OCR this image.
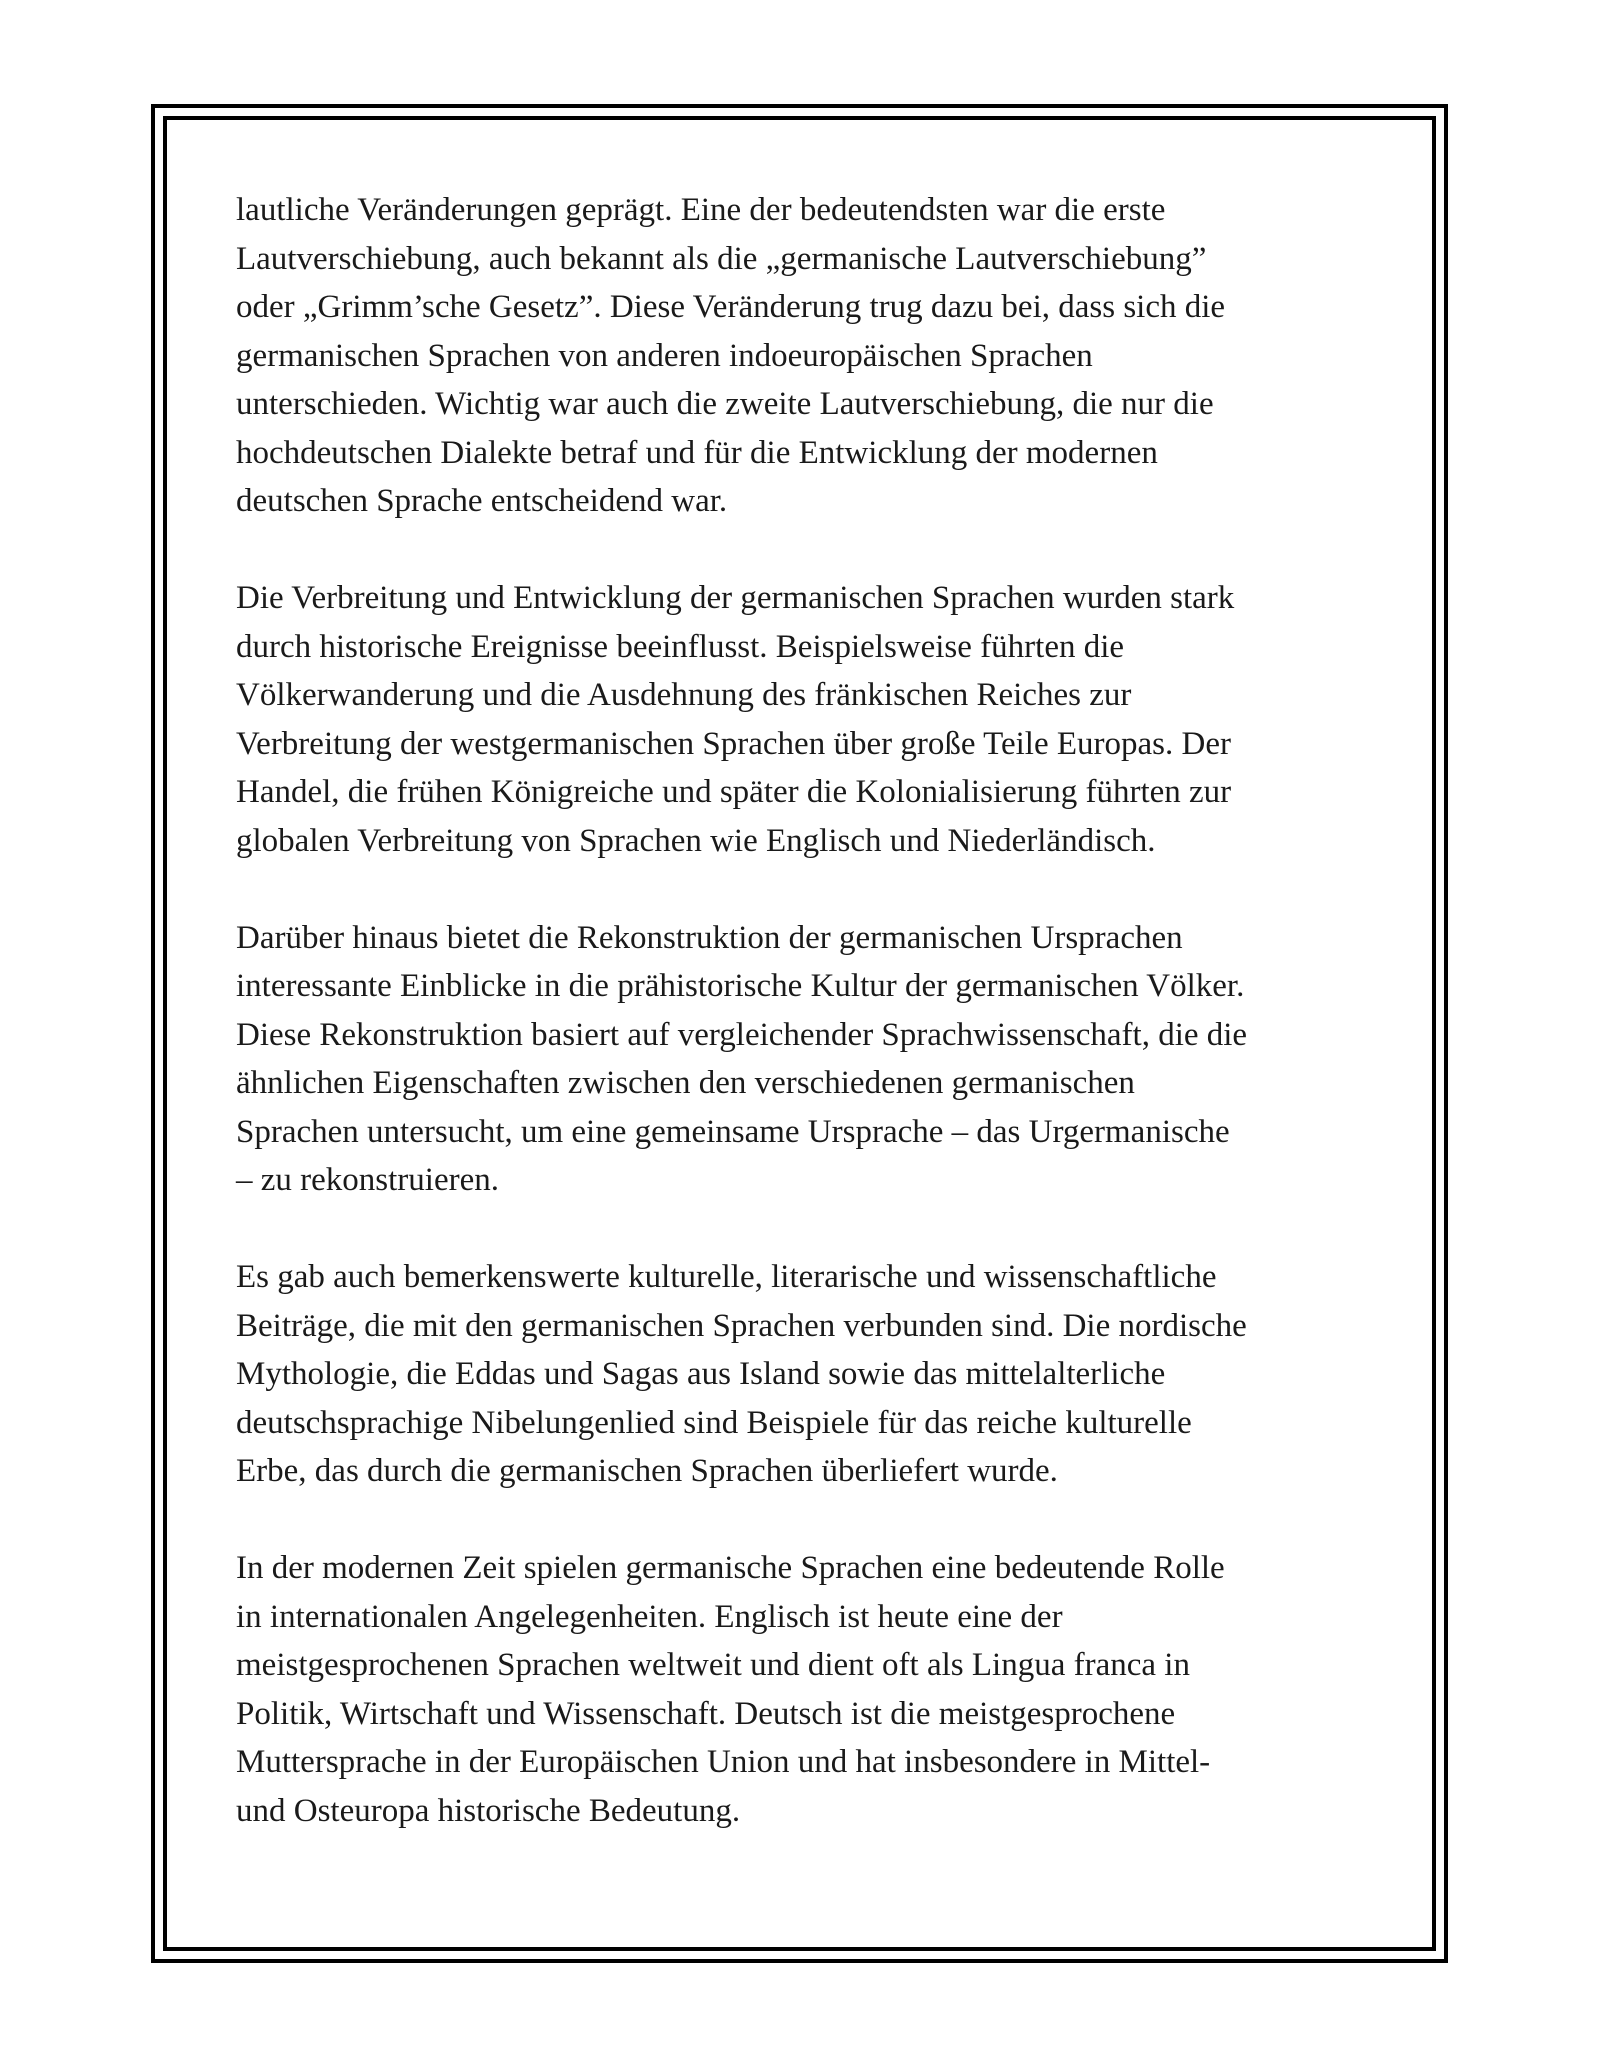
lautliche Veränderungen geprägt. Eine der bedeutendsten war die erste
Lautverschiebung, auch bekannt als die „germanische Lautverschiebung”
oder „Grimm’sche Gesetz”. Diese Veränderung trug dazu bei, dass sich die
germanischen Sprachen von anderen indoeuropäischen Sprachen
unterschieden. Wichtig war auch die zweite Lautverschiebung, die nur die
hochdeutschen Dialekte betraf und für die Entwicklung der modernen
deutschen Sprache entscheidend war.

Die Verbreitung und Entwicklung der germanischen Sprachen wurden stark
durch historische Ereignisse beeinflusst. Beispielsweise führten die
Völkerwanderung und die Ausdehnung des fränkischen Reiches zur
Verbreitung der westgermanischen Sprachen über große Teile Europas. Der
Handel, die frühen Königreiche und später die Kolonialisierung führten zur
globalen Verbreitung von Sprachen wie Englisch und Niederländisch.

Darüber hinaus bietet die Rekonstruktion der germanischen Ursprachen
interessante Einblicke in die prähistorische Kultur der germanischen Völker.
Diese Rekonstruktion basiert auf vergleichender Sprachwissenschaft, die die
ähnlichen Eigenschaften zwischen den verschiedenen germanischen
Sprachen untersucht, um eine gemeinsame Ursprache – das Urgermanische
– zu rekonstruieren.

Es gab auch bemerkenswerte kulturelle, literarische und wissenschaftliche
Beiträge, die mit den germanischen Sprachen verbunden sind. Die nordische
Mythologie, die Eddas und Sagas aus Island sowie das mittelalterliche
deutschsprachige Nibelungenlied sind Beispiele für das reiche kulturelle
Erbe, das durch die germanischen Sprachen überliefert wurde.

In der modernen Zeit spielen germanische Sprachen eine bedeutende Rolle
in internationalen Angelegenheiten. Englisch ist heute eine der
meistgesprochenen Sprachen weltweit und dient oft als Lingua franca in
Politik, Wirtschaft und Wissenschaft. Deutsch ist die meistgesprochene
Muttersprache in der Europäischen Union und hat insbesondere in Mittel-
und Osteuropa historische Bedeutung.
